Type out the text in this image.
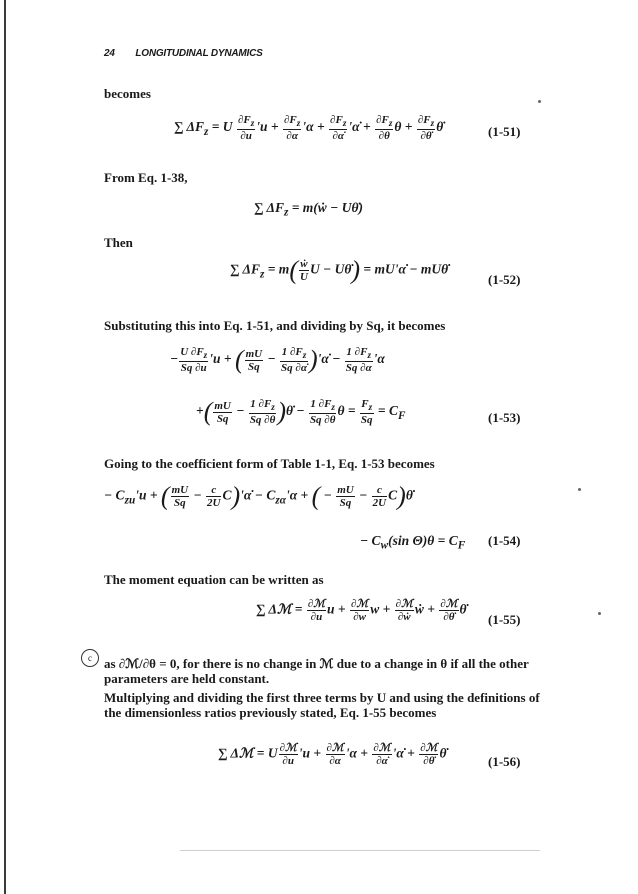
24 LONGITUDINAL DYNAMICS
becomes
∑ $\Delta F_z = U \frac{\partial F_z}{\partial u}$ '$u + \frac{\partial F_z}{\partial\alpha}$ '$\alpha + \frac{\partial F_z}{\partial\alphȧ}$ 'α̇ + $\frac{\partial F_z}{\partial\theta}$ $\theta + \frac{\partial F_z}{\partial\thetȧ}$ θ̇	(1-51)
From Eq. 1-38,
∑ $\Delta F_z$ = m(ẇ − Uθ̇)
Then
∑ $\Delta F_z = m( \frac{\text{ẇ}}{U}$ U − Uθ̇) = mU'α̇ − mUθ̇
(1-52)
Substituting this into Eq. 1-51, and dividing by Sq, it becomes
− $\frac{U \partial F_z}{Sq \partial u}$ 'u + ( $\frac{mU}{Sq} - \frac{1 \partial F_z}{Sq \partial\alphȧ}$ )'α̇ − $\frac{1 \partial F_z}{Sq \partial\alpha}$ 'α
+( $\frac{mU}{Sq} - \frac{1 \partial F_z}{Sq \partial\theta}$ )θ̇ − $\frac{1 \partial F_z}{Sq \partial\theta}$ $\theta = \frac{F_z}{Sq} = C_F$	(1-53)
Going to the coefficient form of Table 1-1, Eq. 1-53 becomes
− $C_{zu}'u$ + ( $\frac{mU}{Sq} - \frac{c}{2U}$ C)'α̇ − $C_{z\alpha}'\alpha$ + ( − $\frac{mU}{Sq} - \frac{c}{2U}$ C)θ̇
− $C_w(\sin$ $\Theta)\theta = C_F$ (1-54)
The moment equation can be written as
∑ Δℳ = $\frac{\text{∂ℳ}}{\partial u}$ $u + \frac{\text{∂ℳ}}{\partial w}$ $w + \frac{\text{∂ℳ}}{\text{∂ẇ}}$ ẇ + $\frac{\text{∂ℳ}}{\partial\thetȧ}$ θ̇
(1-55)
c as ∂ℳ/∂θ = 0, for there is no change in ℳ due to a change in θ if all the other parameters are held constant.
Multiplying and dividing the first three terms by U and using the definitions of the dimensionless ratios previously stated, Eq. 1-55 becomes
∑ Δℳ = U $\frac{\text{∂ℳ}}{\partial u}$ '$u + \frac{\text{∂ℳ}}{\partial\alpha}$ '$\alpha + \frac{\text{∂ℳ}}{\partial\alphȧ}$ 'α̇ + $\frac{\text{∂ℳ}}{\partial\thetȧ}$ θ̇
(1-56)
